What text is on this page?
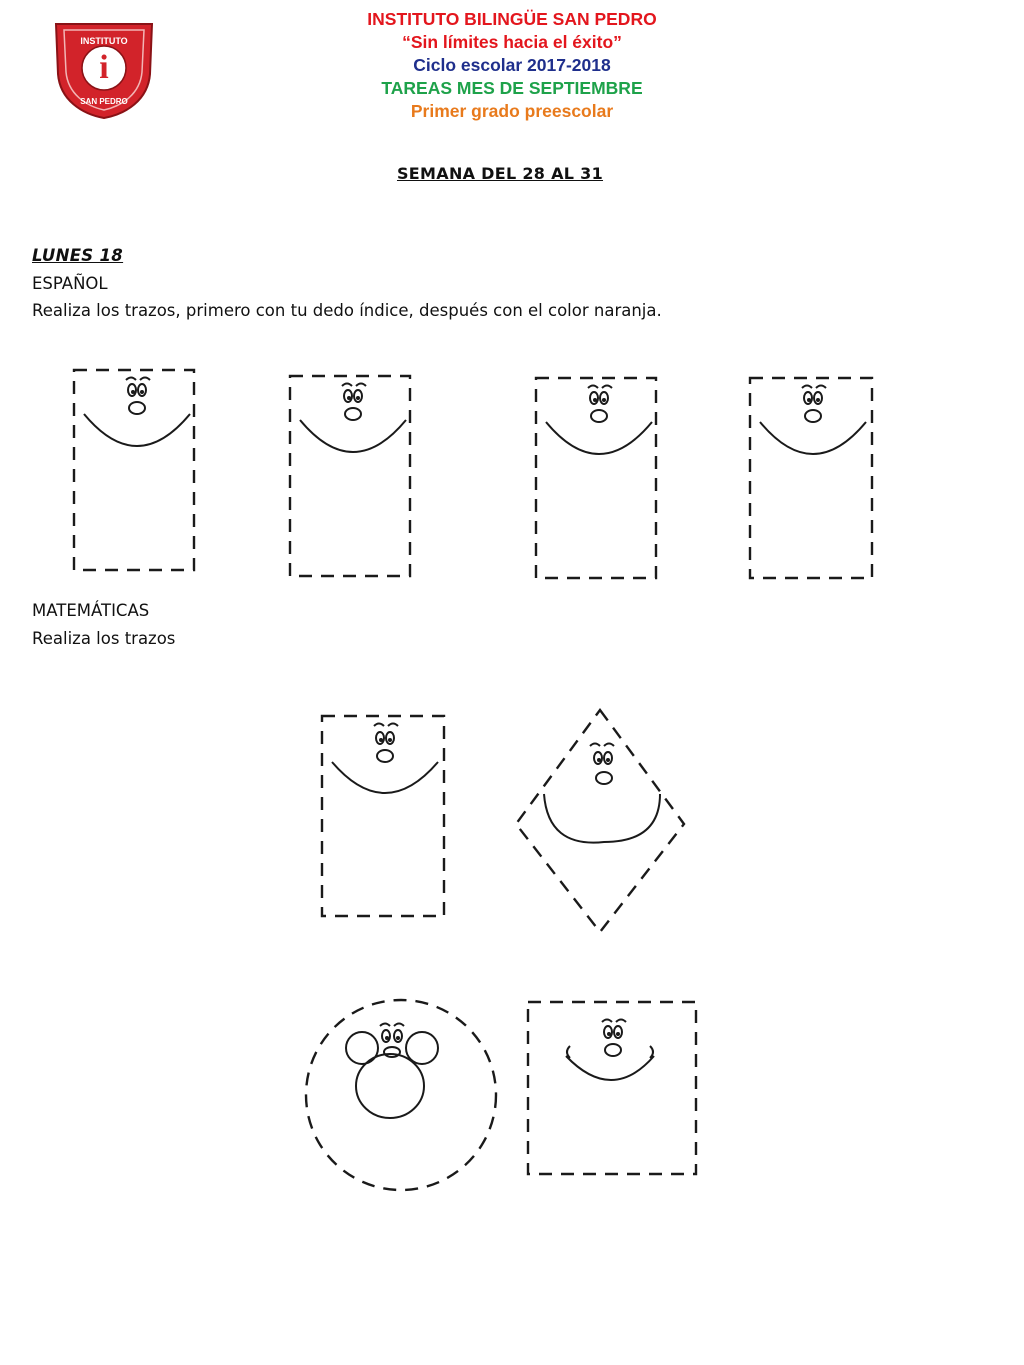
i
INSTITUTO
SAN PEDRO
INSTITUTO BILINGÜE SAN PEDRO
“Sin límites hacia el éxito”
Ciclo escolar 2017-2018
TAREAS MES DE SEPTIEMBRE
Primer grado preescolar
SEMANA DEL 28 AL 31
LUNES 18
ESPAÑOL
Realiza los trazos, primero con tu dedo índice, después con el color naranja.
MATEMÁTICAS
Realiza los trazos
